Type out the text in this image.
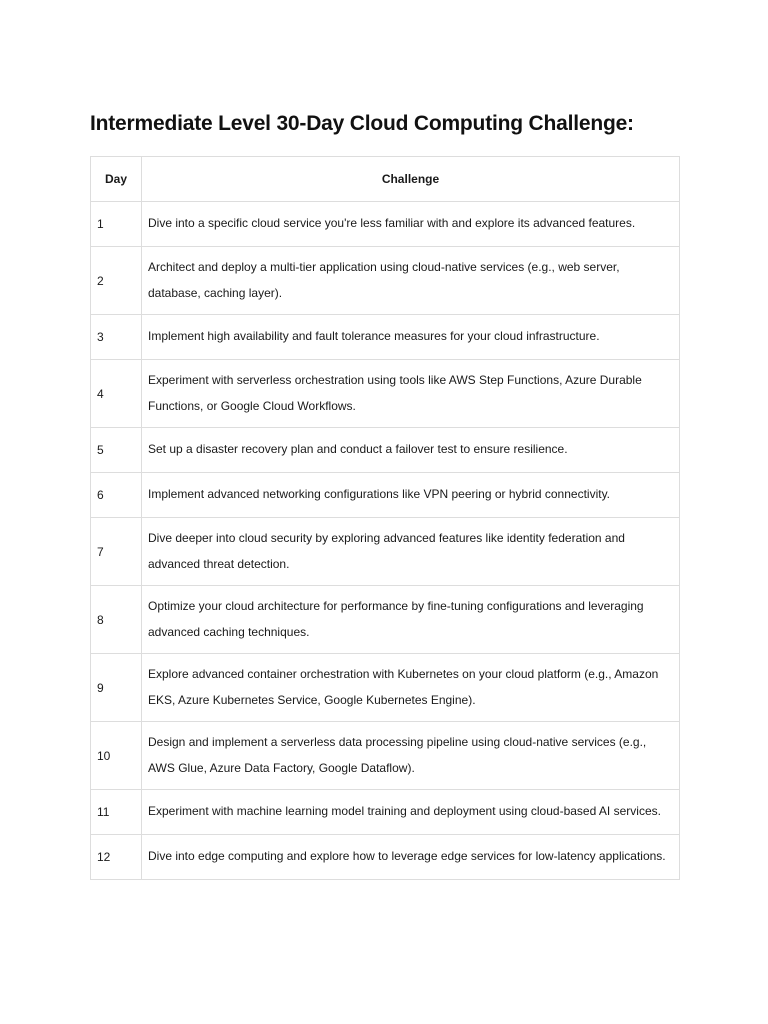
Intermediate Level 30-Day Cloud Computing Challenge:
Day	Challenge
1	Dive into a specific cloud service you're less familiar with and explore its advanced features.
2	Architect and deploy a multi-tier application using cloud-native services (e.g., web server, database, caching layer).
3	Implement high availability and fault tolerance measures for your cloud infrastructure.
4	Experiment with serverless orchestration using tools like AWS Step Functions, Azure Durable Functions, or Google Cloud Workflows.
5	Set up a disaster recovery plan and conduct a failover test to ensure resilience.
6	Implement advanced networking configurations like VPN peering or hybrid connectivity.
7	Dive deeper into cloud security by exploring advanced features like identity federation and advanced threat detection.
8	Optimize your cloud architecture for performance by fine-tuning configurations and leveraging advanced caching techniques.
9	Explore advanced container orchestration with Kubernetes on your cloud platform (e.g., Amazon EKS, Azure Kubernetes Service, Google Kubernetes Engine).
10	Design and implement a serverless data processing pipeline using cloud-native services (e.g., AWS Glue, Azure Data Factory, Google Dataflow).
11	Experiment with machine learning model training and deployment using cloud-based AI services.
12	Dive into edge computing and explore how to leverage edge services for low-latency applications.
